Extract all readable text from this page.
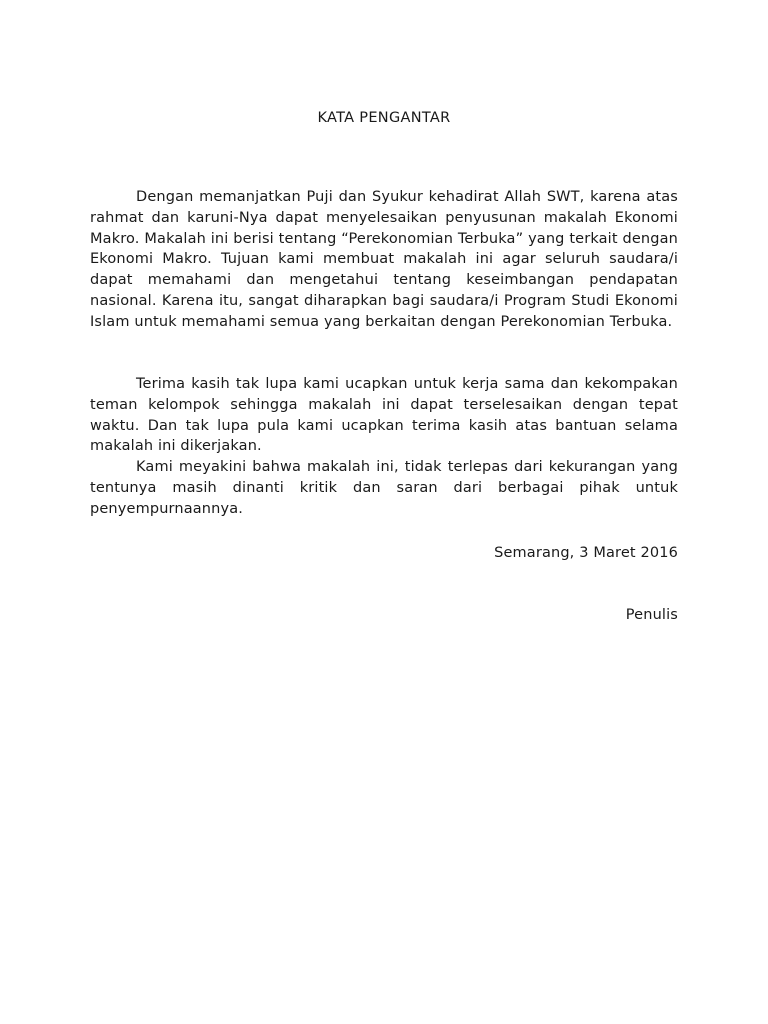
KATA PENGANTAR

Dengan memanjatkan Puji dan Syukur kehadirat Allah SWT, karena atas rahmat dan karuni-Nya dapat menyelesaikan penyusunan makalah Ekonomi Makro. Makalah ini berisi tentang “Perekonomian Terbuka” yang terkait dengan Ekonomi Makro. Tujuan kami membuat makalah ini agar seluruh saudara/i dapat memahami dan mengetahui tentang keseimbangan pendapatan nasional. Karena itu, sangat diharapkan bagi saudara/i Program Studi Ekonomi Islam untuk memahami semua yang berkaitan dengan Perekonomian Terbuka.

Terima kasih tak lupa kami ucapkan untuk kerja sama dan kekompakan teman kelompok sehingga makalah ini dapat terselesaikan dengan tepat waktu. Dan tak lupa pula kami ucapkan terima kasih atas bantuan selama makalah ini dikerjakan.

Kami meyakini bahwa makalah ini, tidak terlepas dari kekurangan yang tentunya masih dinanti kritik dan saran dari berbagai pihak untuk penyempurnaannya.

Semarang, 3 Maret 2016

Penulis
